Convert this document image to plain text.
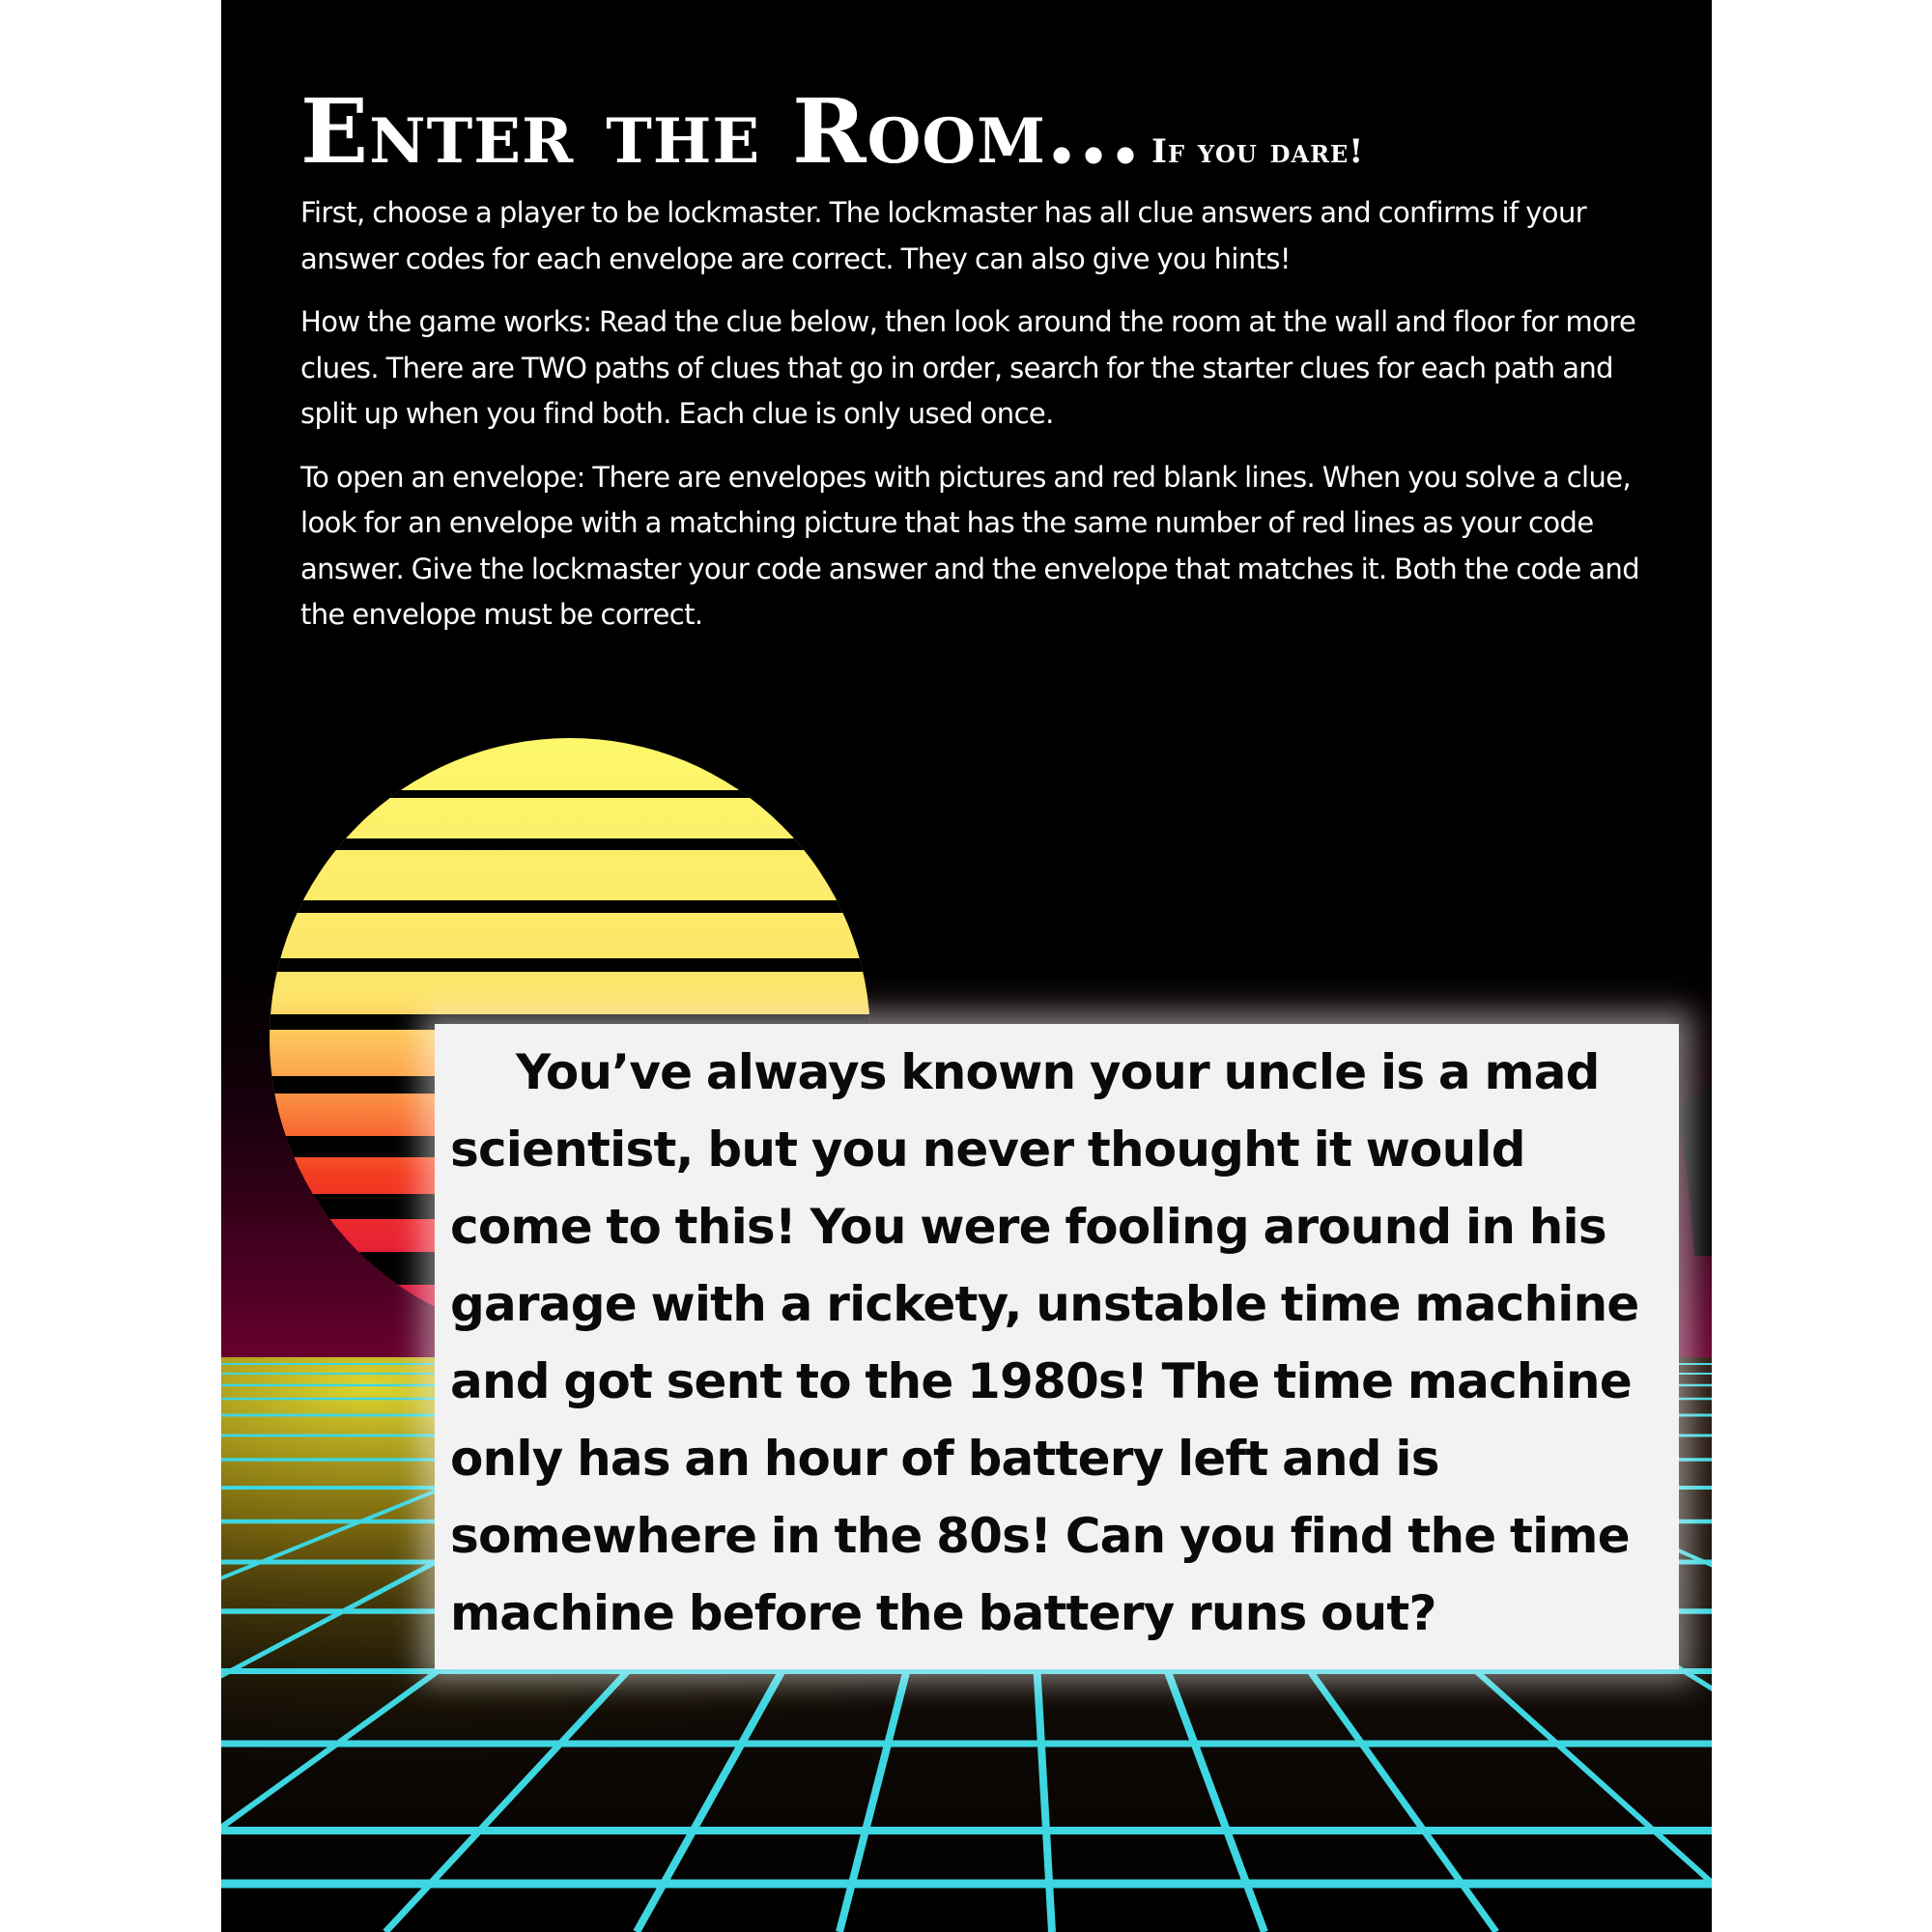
Enter the Room... If you dare!

First, choose a player to be lockmaster. The lockmaster has all clue answers and confirms if your answer codes for each envelope are correct. They can also give you hints!

How the game works: Read the clue below, then look around the room at the wall and floor for more clues. There are TWO paths of clues that go in order, search for the starter clues for each path and split up when you find both. Each clue is only used once.

To open an envelope: There are envelopes with pictures and red blank lines. When you solve a clue, look for an envelope with a matching picture that has the same number of red lines as your code answer. Give the lockmaster your code answer and the envelope that matches it. Both the code and the envelope must be correct.

You’ve always known your uncle is a mad scientist, but you never thought it would come to this! You were fooling around in his garage with a rickety, unstable time machine and got sent to the 1980s! The time machine only has an hour of battery left and is somewhere in the 80s! Can you find the time machine before the battery runs out?
